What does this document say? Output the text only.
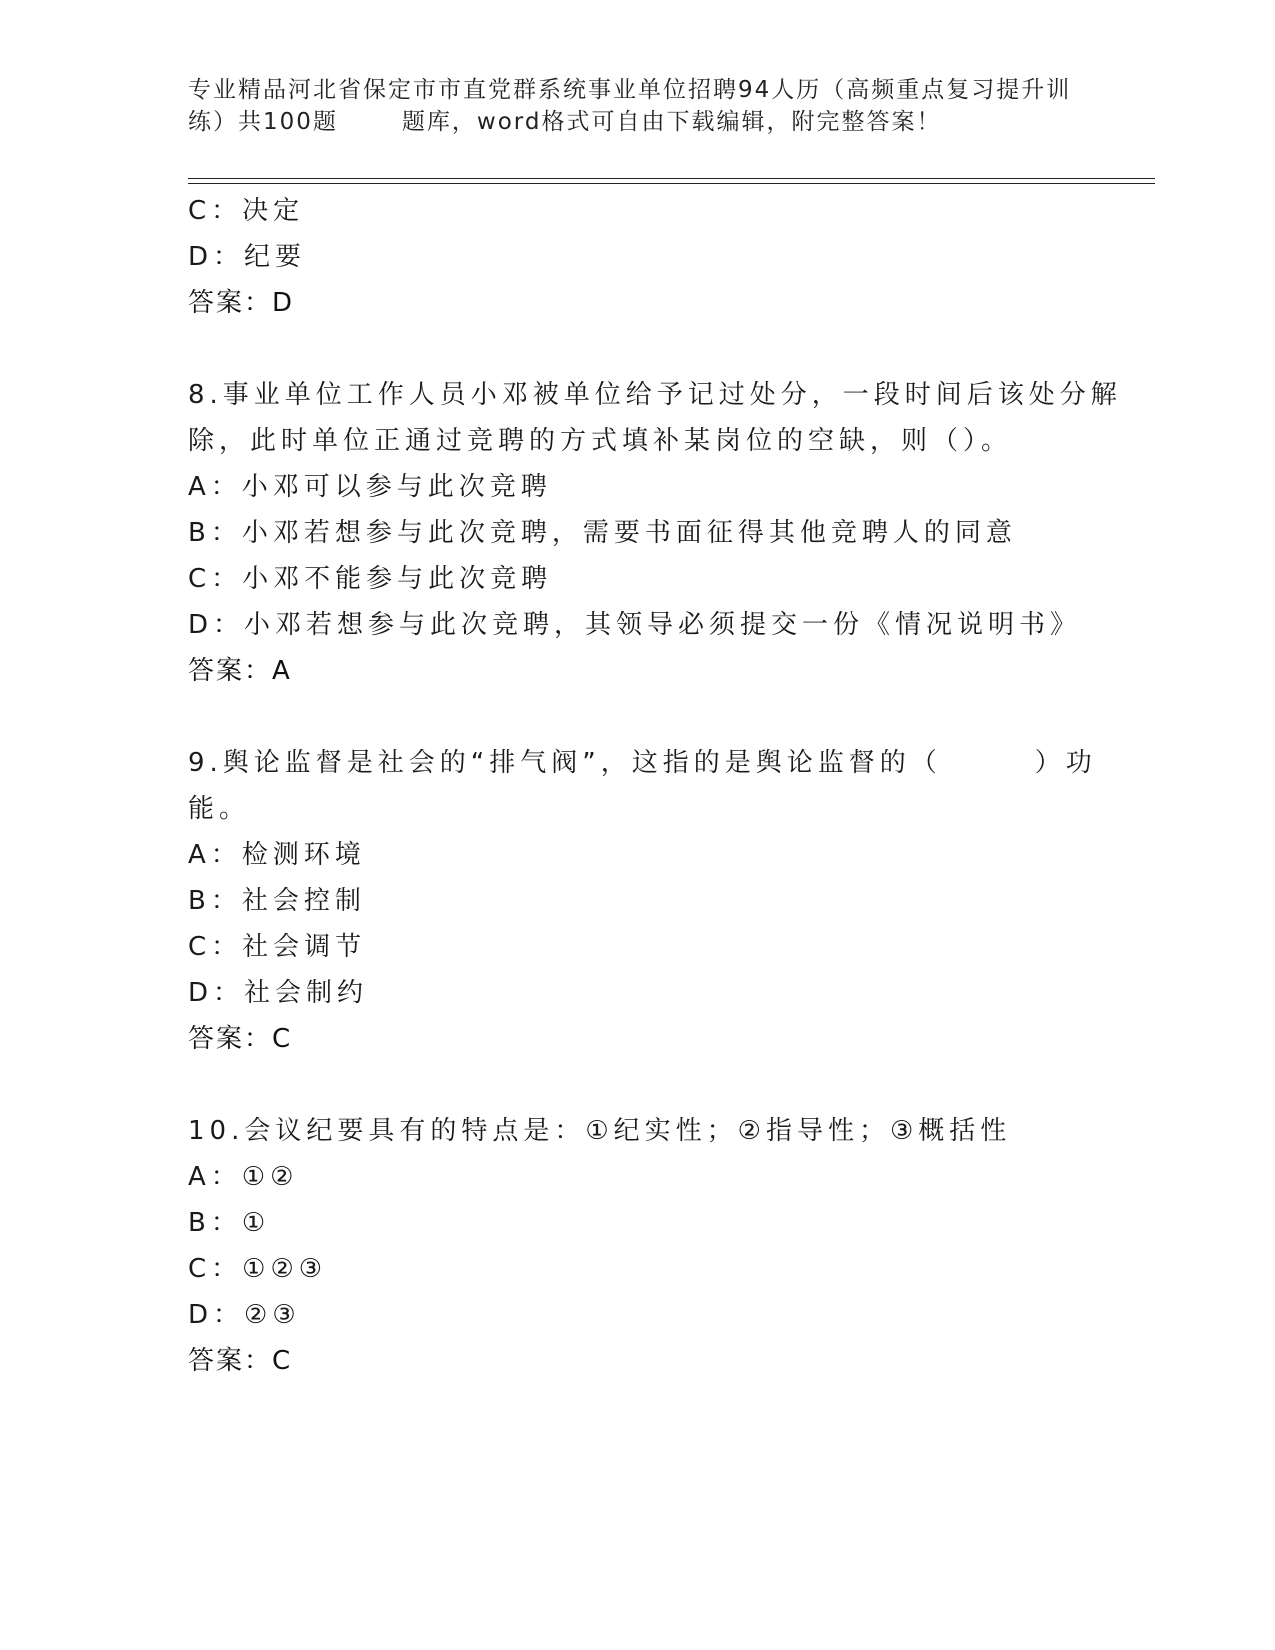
专业精品河北省保定市市直党群系统事业单位招聘94人历（高频重点复习提升训
练）共100题	题库，word格式可自由下载编辑，附完整答案！
C：决定
D：纪要
答案：D
8.事业单位工作人员小邓被单位给予记过处分，一段时间后该处分解
除，此时单位正通过竞聘的方式填补某岗位的空缺，则（）。
A：小邓可以参与此次竞聘
B：小邓若想参与此次竞聘，需要书面征得其他竞聘人的同意
C：小邓不能参与此次竞聘
D：小邓若想参与此次竞聘，其领导必须提交一份《情况说明书》
答案：A
9.舆论监督是社会的“排气阀”，这指的是舆论监督的（　　　）功
能。
A：检测环境
B：社会控制
C：社会调节
D：社会制约
答案：C
10.会议纪要具有的特点是：①纪实性；②指导性；③概括性
A：①②
B：①
C：①②③
D：②③
答案：C
